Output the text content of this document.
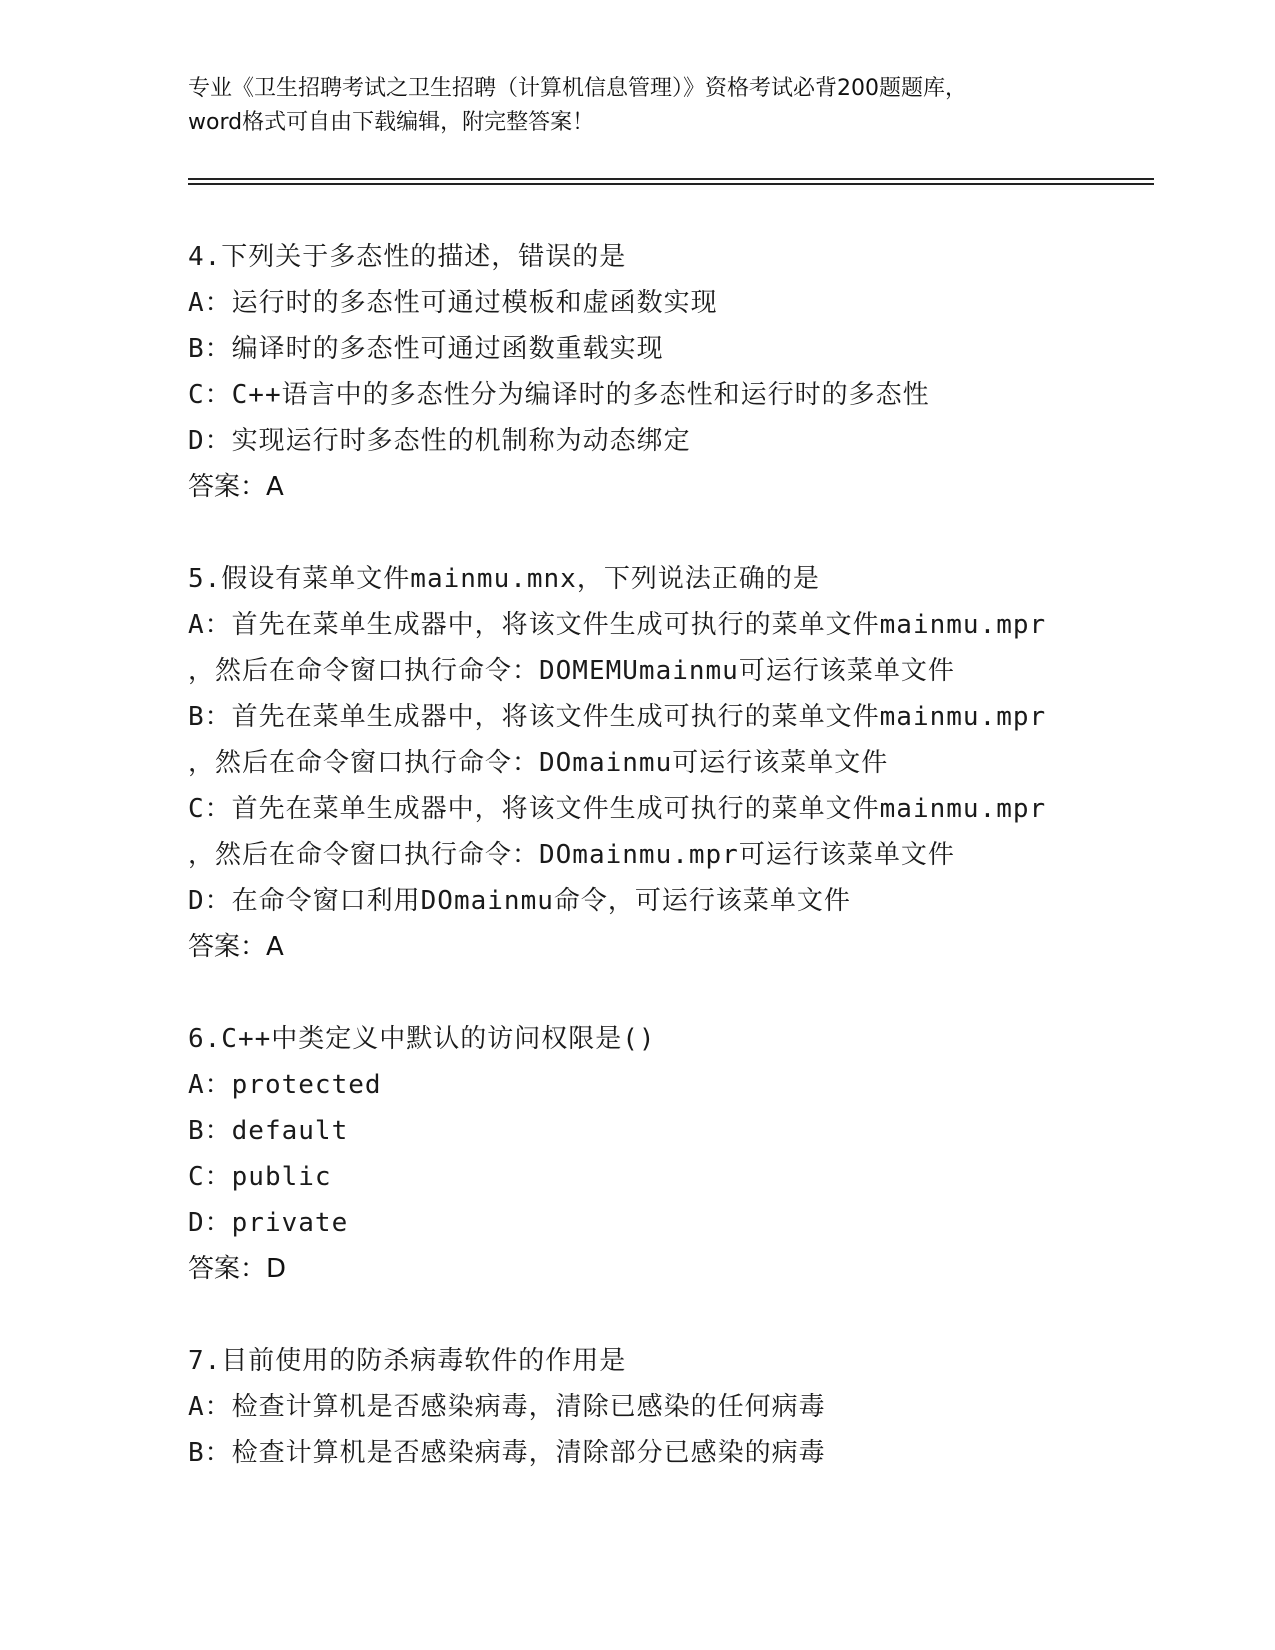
专业《卫生招聘考试之卫生招聘（计算机信息管理）》资格考试必背200题题库，
word格式可自由下载编辑，附完整答案！
4.下列关于多态性的描述，错误的是
A：运行时的多态性可通过模板和虚函数实现
B：编译时的多态性可通过函数重载实现
C：C++语言中的多态性分为编译时的多态性和运行时的多态性
D：实现运行时多态性的机制称为动态绑定
答案：A
5.假设有菜单文件mainmu.mnx，下列说法正确的是
A：首先在菜单生成器中，将该文件生成可执行的菜单文件mainmu.mpr
，然后在命令窗口执行命令：DOMEMUmainmu可运行该菜单文件
B：首先在菜单生成器中，将该文件生成可执行的菜单文件mainmu.mpr
，然后在命令窗口执行命令：DOmainmu可运行该菜单文件
C：首先在菜单生成器中，将该文件生成可执行的菜单文件mainmu.mpr
，然后在命令窗口执行命令：DOmainmu.mpr可运行该菜单文件
D：在命令窗口利用DOmainmu命令，可运行该菜单文件
答案：A
6.C++中类定义中默认的访问权限是()
A：protected
B：default
C：public
D：private
答案：D
7.目前使用的防杀病毒软件的作用是
A：检查计算机是否感染病毒，清除已感染的任何病毒
B：检查计算机是否感染病毒，清除部分已感染的病毒
